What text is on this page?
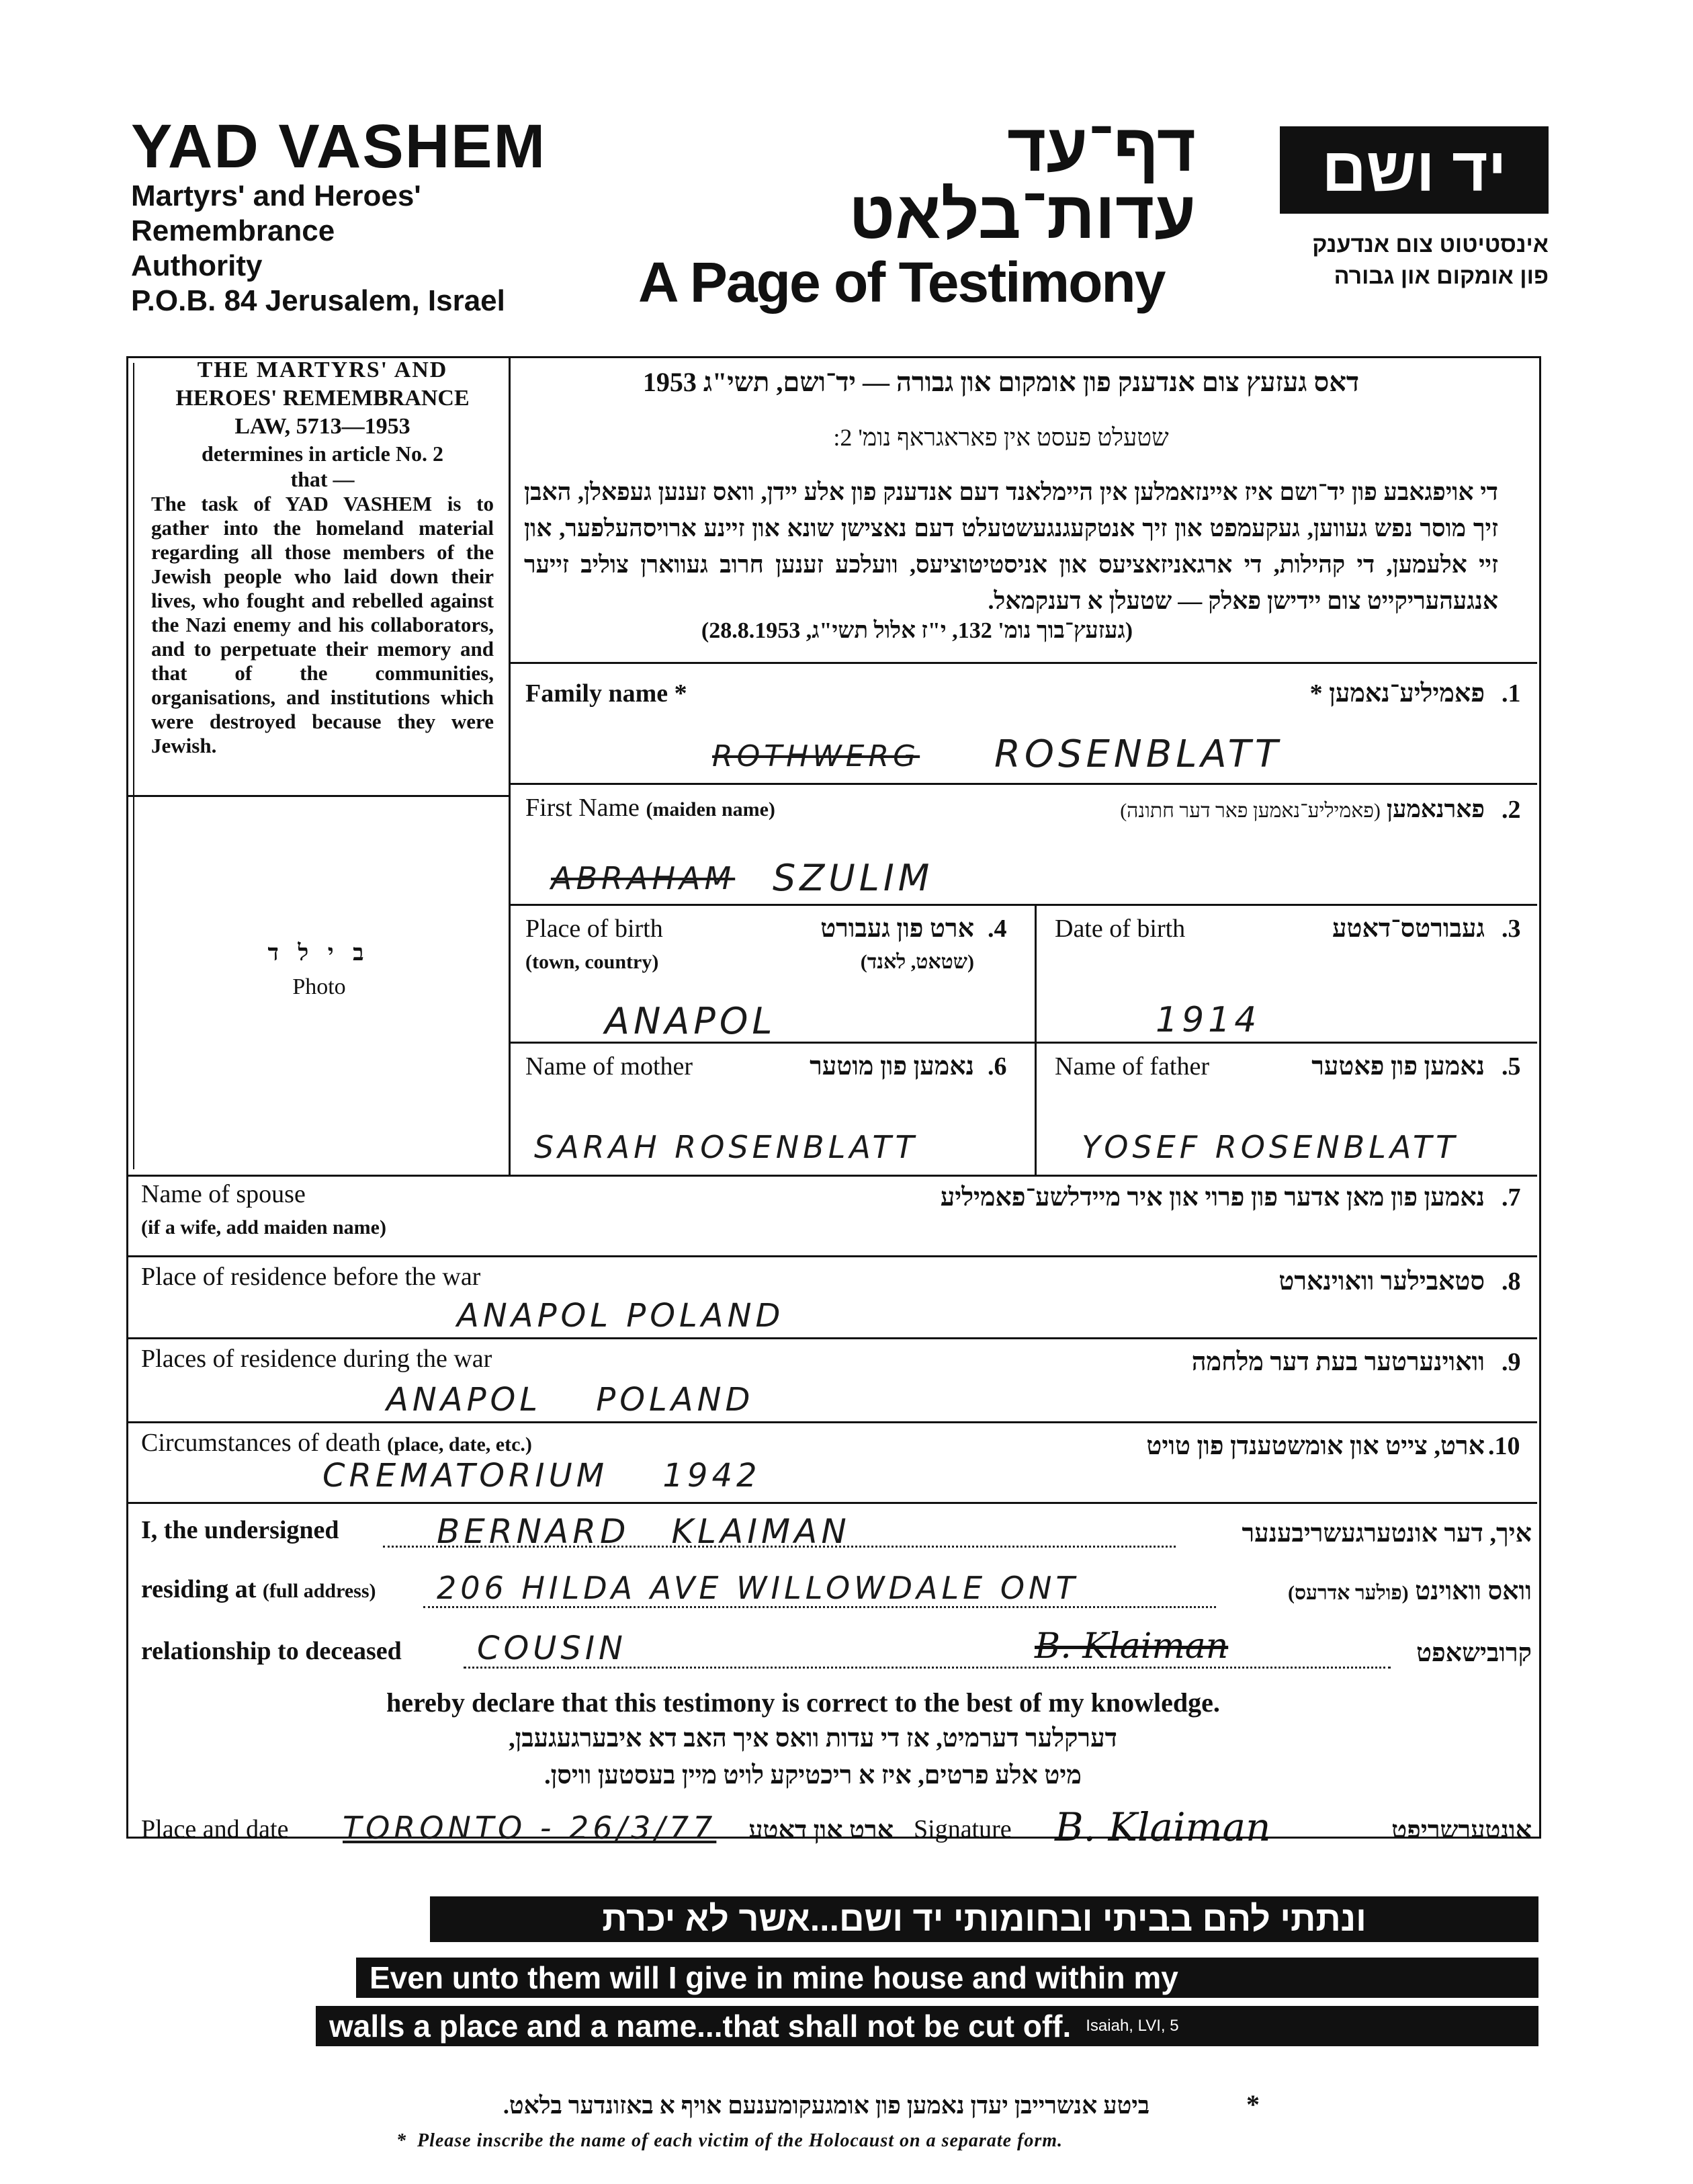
YAD VASHEM
Martyrs' and Heroes'
Remembrance
Authority
P.O.B. 84 Jerusalem, Israel
דף־עד
עדות־בלאט
A Page of Testimony
יד ושם
אינסטיטוט צום אנדענק
פון אומקום און גבורה
THE MARTYRS' AND
HEROES' REMEMBRANCE
LAW, 5713—1953
determines in article No. 2
that —
The task of YAD VASHEM is to gather into the homeland material regarding all those members of the Jewish people who laid down their lives, who fought and rebelled against the Nazi enemy and his collaborators, and to perpetuate their memory and that of the communities, organisations, and institutions which were destroyed because they were Jewish.
ב י ל ד
Photo
דאס געזעץ צום אנדענק פון אומקום און גבורה — יד־ושם, תשי"ג 1953
שטעלט פעסט אין פאראגראף נומ' 2:
די אויפגאבע פון יד־ושם איז איינזאמלען אין היימלאנד דעם אנדענק פון אלע יידן, וואס זענען געפאלן, האבן זיך מוסר נפש געווען, געקעמפט און זיך אנטקעגנגעשטעלט דעם נאצישן שונא און זיינע ארויסהעלפער, און זיי אלעמען, די קהילות, די ארגאניזאציעס און אניסטיטוציעס, וועלכע זענען חרוב געווארן צוליב זייער אנגעהעריקייט צום יידישן פאלק — שטעלן א דענקמאל.
(געזעץ־בוך נומ' 132, י"ז אלול תשי"ג, 28.8.1953)
Family name *	פאמיליע־נאמען * .1
ROTHWERG ROSENBLATT
First Name (maiden name)	פארנאמען (פאמיליע־נאמען פאר דער חתונה)	.2
ABRAHAM SZULIM
Place of birth
(town, country)
ארט פון געבורט
(שטאט, לאנד)
.4
ANAPOL
Date of birth	געבורטס־דאטע .3
1914
Name of mother	נאמען פון מוטער .6
SARAH ROSENBLATT
Name of father	נאמען פון פאטער .5
YOSEF ROSENBLATT
Name of spouse
(if a wife, add maiden name)
נאמען פון מאן אדער פון פרוי און איר מיידלשע־פאמיליע .7
Place of residence before the war	סטאבילער וואוינארט .8
ANAPOL POLAND
Places of residence during the war	וואוינערטער בעת דער מלחמה .9
ANAPOL POLAND
Circumstances of death (place, date, etc.)	ארט, צייט און אומשטענדן פון טויט .10
CREMATORIUM 1942
I, the undersigned	BERNARD KLAIMAN	איך, דער אונטערגעשריבענער
residing at (full address) 206 HILDA AVE WILLOWDALE ONT	וואס וואוינט (פולער אדרעס)
relationship to deceased COUSIN	B. Klaiman	קרובישאפט
hereby declare that this testimony is correct to the best of my knowledge.
דערקלער דערמיט, אז די עדות וואס איך האב דא איבערגעגעבן,
מיט אלע פרטים, איז א ריכטיקע לויט מיין בעסטען וויסן.
Place and date TORONTO - 26/3/77	ארט און דאטע Signature B. Klaiman	אונטערשריפט
ונתתי להם בביתי ובחומותי יד ושם...אשר לא יכרת
Even unto them will I give in mine house and within my
walls a place and a name...that shall not be cut off. Isaiah, LVI, 5
ביטע אנשרייבן יעדן נאמען פון אומגעקומענעם אויף א באזונדער בלאט.	*
*  Please inscribe the name of each victim of the Holocaust on a separate form.
